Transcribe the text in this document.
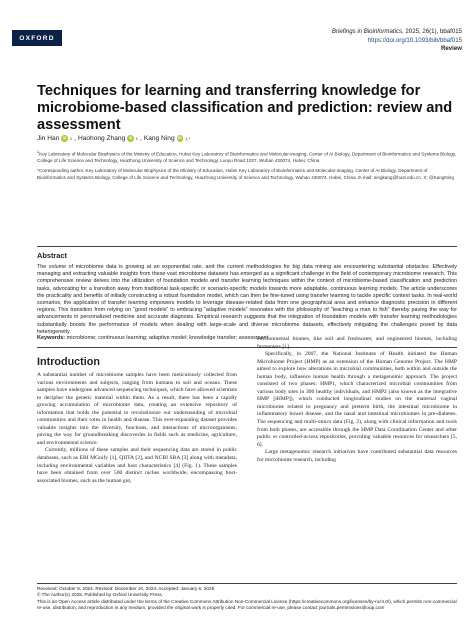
OXFORD
Briefings in Bioinformatics, 2025, 26(1), bbaf015
https://doi.org/10.1093/bib/bbaf015
Review
Techniques for learning and transferring knowledge for microbiome-based classification and prediction: review and assessment
Jin Han	iD 1 , Haohong Zhang	iD 1 , Kang Ning	iD 1,*
$^1$Key Laboratory of Molecular Biophysics of the Ministry of Education, Hubei Key Laboratory of Bioinformatics and Molecular-imaging, Center of AI Biology, Department of Bioinformatics and Systems Biology, College of Life Science and Technology, Huazhong University of Science and Technology, Luoyu Road 1037, Wuhan 430074, Hubei, China
*Corresponding author. Key Laboratory of Molecular Biophysics of the Ministry of Education, Hubei Key Laboratory of Bioinformatics and Molecular-imaging, Center of AI Biology, Department of Bioinformatics and Systems Biology, College of Life Science and Technology, Huazhong University of Science and Technology, Wuhan 430074, Hubei, China. E-mail: ningkang@hust.edu.cn. X: @KangNing
Abstract
The volume of microbiome data is growing at an exponential rate, and the current methodologies for big data mining are encountering substantial obstacles. Effectively managing and extracting valuable insights from these vast microbiome datasets has emerged as a significant challenge in the field of contemporary microbiome research. This comprehensive review delves into the utilization of foundation models and transfer learning techniques within the context of microbiome-based classification and prediction tasks, advocating for a transition away from traditional task-specific or scenario-specific models towards more adaptable, continuous learning models. The article underscores the practicality and benefits of initially constructing a robust foundation model, which can then be fine-tuned using transfer learning to tackle specific context tasks. In real-world scenarios, the application of transfer learning empowers models to leverage disease-related data from one geographical area and enhance diagnostic precision in different regions. This transition from relying on “good models” to embracing “adaptive models” resonates with the philosophy of “teaching a man to fish” thereby paving the way for advancements in personalized medicine and accurate diagnosis. Empirical research suggests that the integration of foundation models with transfer learning methodologies substantially boosts the performance of models when dealing with large-scale and diverse microbiome datasets, effectively mitigating the challenges posed by data heterogeneity.
Keywords: microbiome; continuous learning; adaptive model; knowledge transfer; assessment
Introduction

A substantial number of microbiome samples have been meticulously collected from various environments and subjects, ranging from humans to soil and oceans. These samples have undergone advanced sequencing techniques, which have allowed scientists to decipher the genetic material within them. As a result, there has been a rapidly growing accumulation of microbiome data, creating an extensive repository of information that holds the potential to revolutionize our understanding of microbial communities and their roles in health and disease. This ever-expanding dataset provides valuable insights into the diversity, functions, and interactions of microorganisms, paving the way for groundbreaking discoveries in fields such as medicine, agriculture, and environmental science.

Currently, millions of these samples and their sequencing data are stored in public databases, such as EBI MGnify [1], QIITA [2], and NCBI SRA [3] along with metadata, including environmental variables and host characteristics [4] (Fig. 1). These samples have been obtained from over 500 distinct niches worldwide, encompassing host-associated biomes, such as the human gut,

environmental biomes, like soil and freshwater, and engineered biomes, including fermenters [1].

Specifically, in 2007, the National Institutes of Health initiated the Human Microbiome Project (HMP) as an extension of the Human Genome Project. The HMP aimed to explore how alterations in microbial communities, both within and outside the human body, influence human health through a metagenomic approach. The project consisted of two phases: HMP1, which characterized microbial communities from various body sites in 300 healthy individuals, and HMP2 (also known as the integrative HMP [iHMP]), which conducted longitudinal studies on the maternal vaginal microbiome related to pregnancy and preterm birth, the intestinal microbiome in inflammatory bowel disease, and the nasal and intestinal microbiomes in pre-diabetes. The sequencing and multi-omics data (Fig. 2), along with clinical information and tools from both phases, are accessible through the HMP Data Coordination Center and other public or controlled-access repositories, providing valuable resources for researchers [5, 6].

Large metagenomic research initiatives have contributed substantial data resources for microbiome research, including

Received: October 8, 2024. Revised: December 10, 2024. Accepted: January 6, 2025
© The Author(s) 2025. Published by Oxford University Press.
This is an Open Access article distributed under the terms of the Creative Commons Attribution Non-Commercial License (https://creativecommons.org/licenses/by-nc/4.0/), which permits non-commercial re-use, distribution, and reproduction in any medium, provided the original work is properly cited. For commercial re-use, please contact journals.permissions@oup.com
